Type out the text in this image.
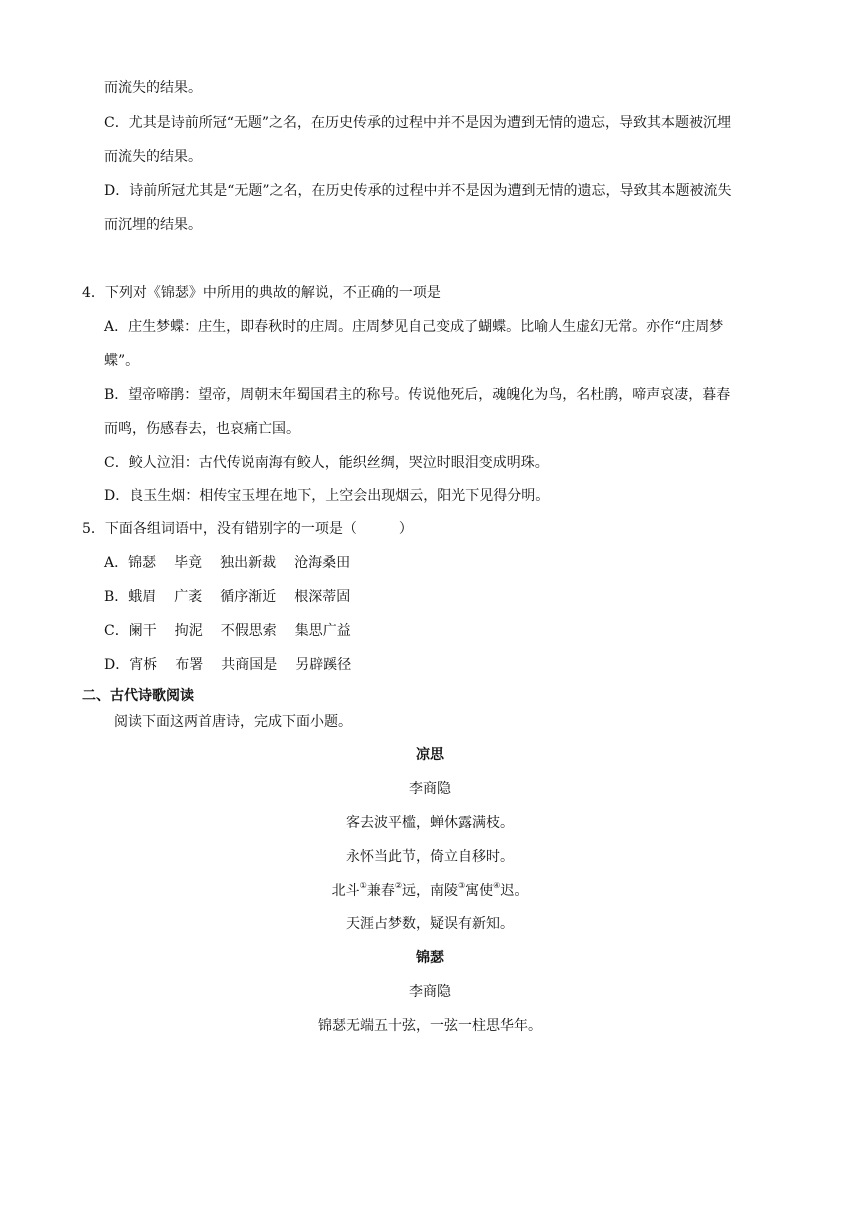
而流失的结果。
C．尤其是诗前所冠“无题”之名，在历史传承的过程中并不是因为遭到无情的遗忘，导致其本题被沉埋
而流失的结果。
D．诗前所冠尤其是“无题”之名，在历史传承的过程中并不是因为遭到无情的遗忘，导致其本题被流失
而沉埋的结果。
4．下列对《锦瑟》中所用的典故的解说，不正确的一项是
A．庄生梦蝶：庄生，即春秋时的庄周。庄周梦见自己变成了蝴蝶。比喻人生虚幻无常。亦作“庄周梦
蝶”。
B．望帝啼鹃：望帝，周朝末年蜀国君主的称号。传说他死后，魂魄化为鸟，名杜鹃，啼声哀凄，暮春
而鸣，伤感春去，也哀痛亡国。
C．鲛人泣泪：古代传说南海有鲛人，能织丝绸，哭泣时眼泪变成明珠。
D．良玉生烟：相传宝玉埋在地下，上空会出现烟云，阳光下见得分明。
5．下面各组词语中，没有错别字的一项是（　　　）
A．锦瑟 毕竟 独出新裁 沧海桑田
B．蛾眉 广袤 循序渐近 根深蒂固
C．阑干 拘泥 不假思索 集思广益
D．宵柝 布署 共商国是 另辟蹊径
二、古代诗歌阅读
阅读下面这两首唐诗，完成下面小题。
凉思
李商隐
客去波平槛，蝉休露满枝。
永怀当此节，倚立自移时。
北斗①兼春②远，南陵③寓使④迟。
天涯占梦数，疑误有新知。
锦瑟
李商隐
锦瑟无端五十弦，一弦一柱思华年。
